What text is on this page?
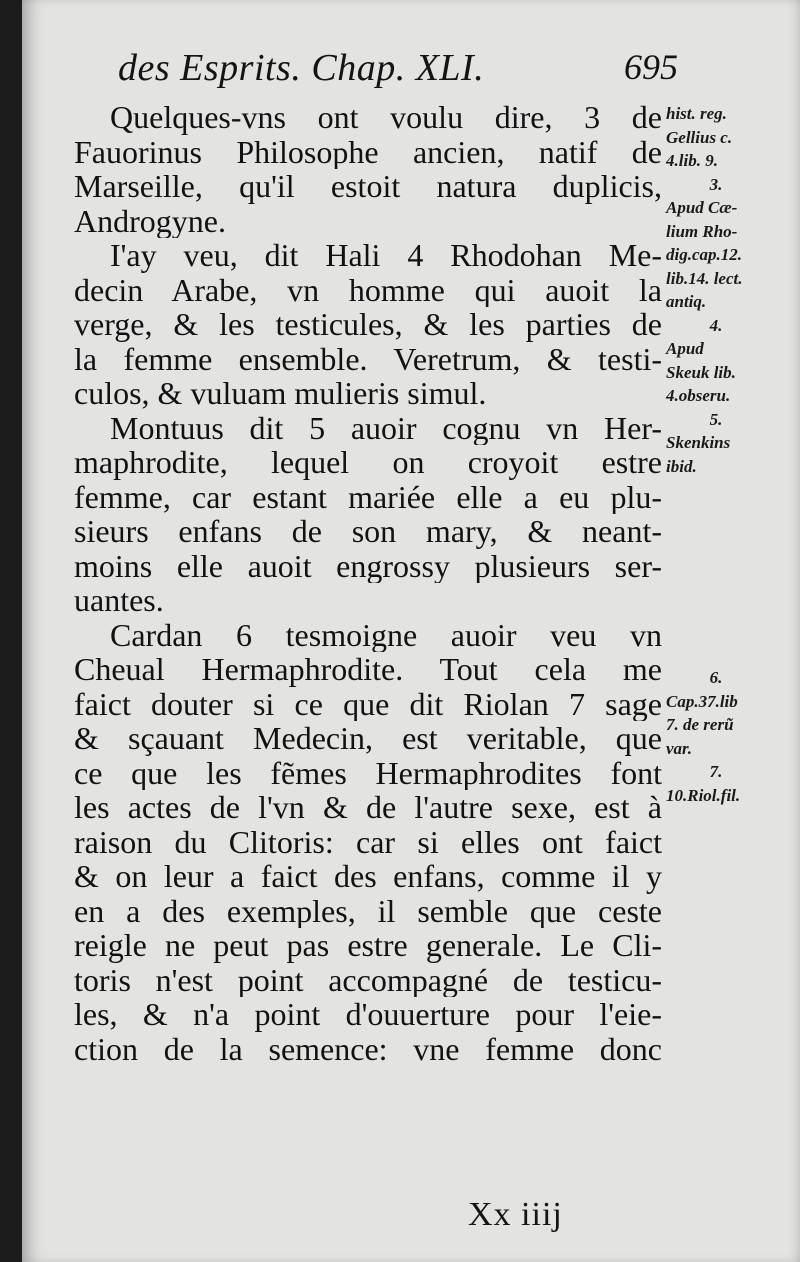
des Esprits. Chap. XLI.	695
Quelques-vns ont voulu dire, 3 de
Fauorinus Philosophe ancien, natif de
Marseille, qu'il estoit natura duplicis,
Androgyne.
I'ay veu, dit Hali 4 Rhodohan Me-
decin Arabe, vn homme qui auoit la
verge, & les testicules, & les parties de
la femme ensemble. Veretrum, & testi-
culos, & vuluam mulieris simul.
Montuus dit 5 auoir cognu vn Her-
maphrodite, lequel on croyoit estre
femme, car estant mariée elle a eu plu-
sieurs enfans de son mary, & neant-
moins elle auoit engrossy plusieurs ser-
uantes.
Cardan 6 tesmoigne auoir veu vn
Cheual Hermaphrodite. Tout cela me
faict douter si ce que dit Riolan 7 sage
& sçauant Medecin, est veritable, que
ce que les fẽmes Hermaphrodites font
les actes de l'vn & de l'autre sexe, est à
raison du Clitoris: car si elles ont faict
& on leur a faict des enfans, comme il y
en a des exemples, il semble que ceste
reigle ne peut pas estre generale. Le Cli-
toris n'est point accompagné de testicu-
les, & n'a point d'ouuerture pour l'eie-
ction de la semence: vne femme donc
hist. reg.
Gellius c.
4.lib. 9.
3.
Apud Cæ-
lium Rho-
dig.cap.12.
lib.14. lect.
antiq.
4.
Apud
Skeuk lib.
4.obseru.
5.
Skenkins
ibid.

6.
Cap.37.lib
7. de rerũ
var.
7.
10.Riol.fil.
Xx iiij
